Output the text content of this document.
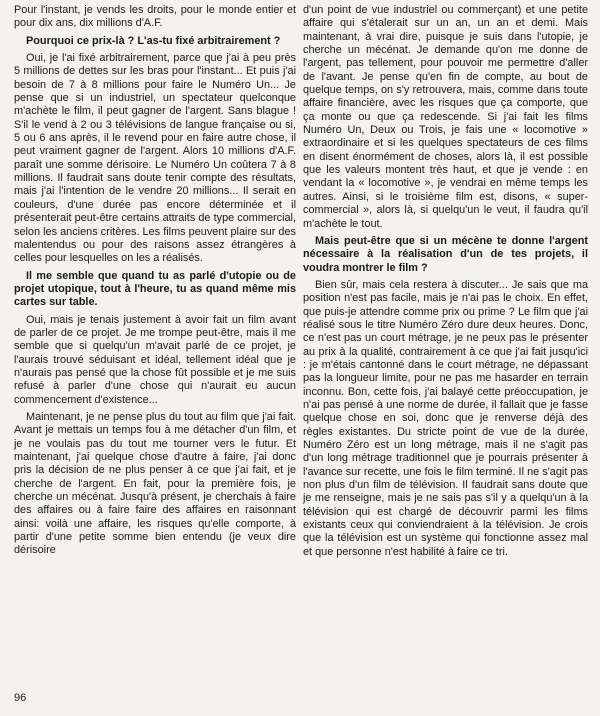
Pour l'instant, je vends les droits, pour le monde entier et pour dix ans, dix millions d'A.F.

Pourquoi ce prix-là ? L'as-tu fixé arbitrairement ?

Oui, je l'ai fixé arbitrairement, parce que j'ai à peu près 5 millions de dettes sur les bras pour l'instant... Et puis j'ai besoin de 7 à 8 millions pour faire le Numéro Un... Je pense que si un industriel, un spectateur quelconque m'achète le film, il peut gagner de l'argent. Sans blague ! S'il le vend à 2 ou 3 télévisions de langue française ou si, 5 ou 6 ans après, il le revend pour en faire autre chose, il peut vraiment gagner de l'argent. Alors 10 millions d'A.F. paraît une somme dérisoire. Le Numéro Un coûtera 7 à 8 millions. Il faudrait sans doute tenir compte des résultats, mais j'ai l'intention de le vendre 20 millions... Il serait en couleurs, d'une durée pas encore déterminée et il présenterait peut-être certains attraits de type commercial, selon les anciens critères. Les films peuvent plaire sur des malentendus ou pour des raisons assez étrangères à celles pour lesquelles on les a réalisés.

Il me semble que quand tu as parlé d'utopie ou de projet utopique, tout à l'heure, tu as quand même mis cartes sur table.

Oui, mais je tenais justement à avoir fait un film avant de parler de ce projet. Je me trompe peut-être, mais il me semble que si quelqu'un m'avait parlé de ce projet, je l'aurais trouvé séduisant et idéal, tellement idéal que je n'aurais pas pensé que la chose fût possible et je me suis refusé à parler d'une chose qui n'aurait eu aucun commencement d'existence...

Maintenant, je ne pense plus du tout au film que j'ai fait. Avant je mettais un temps fou à me détacher d'un film, et je ne voulais pas du tout me tourner vers le futur. Et maintenant, j'ai quelque chose d'autre à faire, j'ai donc pris la décision de ne plus penser à ce que j'ai fait, et je cherche de l'argent. En fait, pour la première fois, je cherche un mécénat. Jusqu'à présent, je cherchais à faire des affaires ou à faire faire des affaires en raisonnant ainsi: voilà une affaire, les risques qu'elle comporte, à partir d'une petite somme bien entendu (je veux dire dérisoire

d'un point de vue industriel ou commerçant) et une petite affaire qui s'étalerait sur un an, un an et demi. Mais maintenant, à vrai dire, puisque je suis dans l'utopie, je cherche un mécénat. Je demande qu'on me donne de l'argent, pas tellement, pour pouvoir me permettre d'aller de l'avant. Je pense qu'en fin de compte, au bout de quelque temps, on s'y retrouvera, mais, comme dans toute affaire financière, avec les risques que ça comporte, que ça monte ou que ça redescende. Si j'ai fait les films Numéro Un, Deux ou Trois, je fais une « locomotive » extraordinaire et si les quelques spectateurs de ces films en disent énormément de choses, alors là, il est possible que les valeurs montent très haut, et que je vende : en vendant la « locomotive », je vendrai en même temps les autres. Ainsi, si le troisième film est, disons, « super-commercial », alors là, si quelqu'un le veut, il faudra qu'il m'achète le tout.

Mais peut-être que si un mécène te donne l'argent nécessaire à la réalisation d'un de tes projets, il voudra montrer le film ?

Bien sûr, mais cela restera à discuter... Je sais que ma position n'est pas facile, mais je n'ai pas le choix. En effet, que puis-je attendre comme prix ou prime ? Le film que j'ai réalisé sous le titre Numéro Zéro dure deux heures. Donc, ce n'est pas un court métrage, je ne peux pas le présenter au prix à la qualité, contrairement à ce que j'ai fait jusqu'ici : je m'étais cantonné dans le court métrage, ne dépassant pas la longueur limite, pour ne pas me hasarder en terrain inconnu. Bon, cette fois, j'ai balayé cette préoccupation, je n'ai pas pensé à une norme de durée, il fallait que je fasse quelque chose en soi, donc que je renverse déjà des règles existantes. Du stricte point de vue de la durée, Numéro Zéro est un long métrage, mais il ne s'agit pas d'un long métrage traditionnel que je pourrais présenter à l'avance sur recette, une fois le film terminé. Il ne s'agit pas non plus d'un film de télévision. Il faudrait sans doute que je me renseigne, mais je ne sais pas s'il y a quelqu'un à la télévision qui est chargé de découvrir parmi les films existants ceux qui conviendraient à la télévision. Je crois que la télévision est un système qui fonctionne assez mal et que personne n'est habilité à faire ce tri.

96
